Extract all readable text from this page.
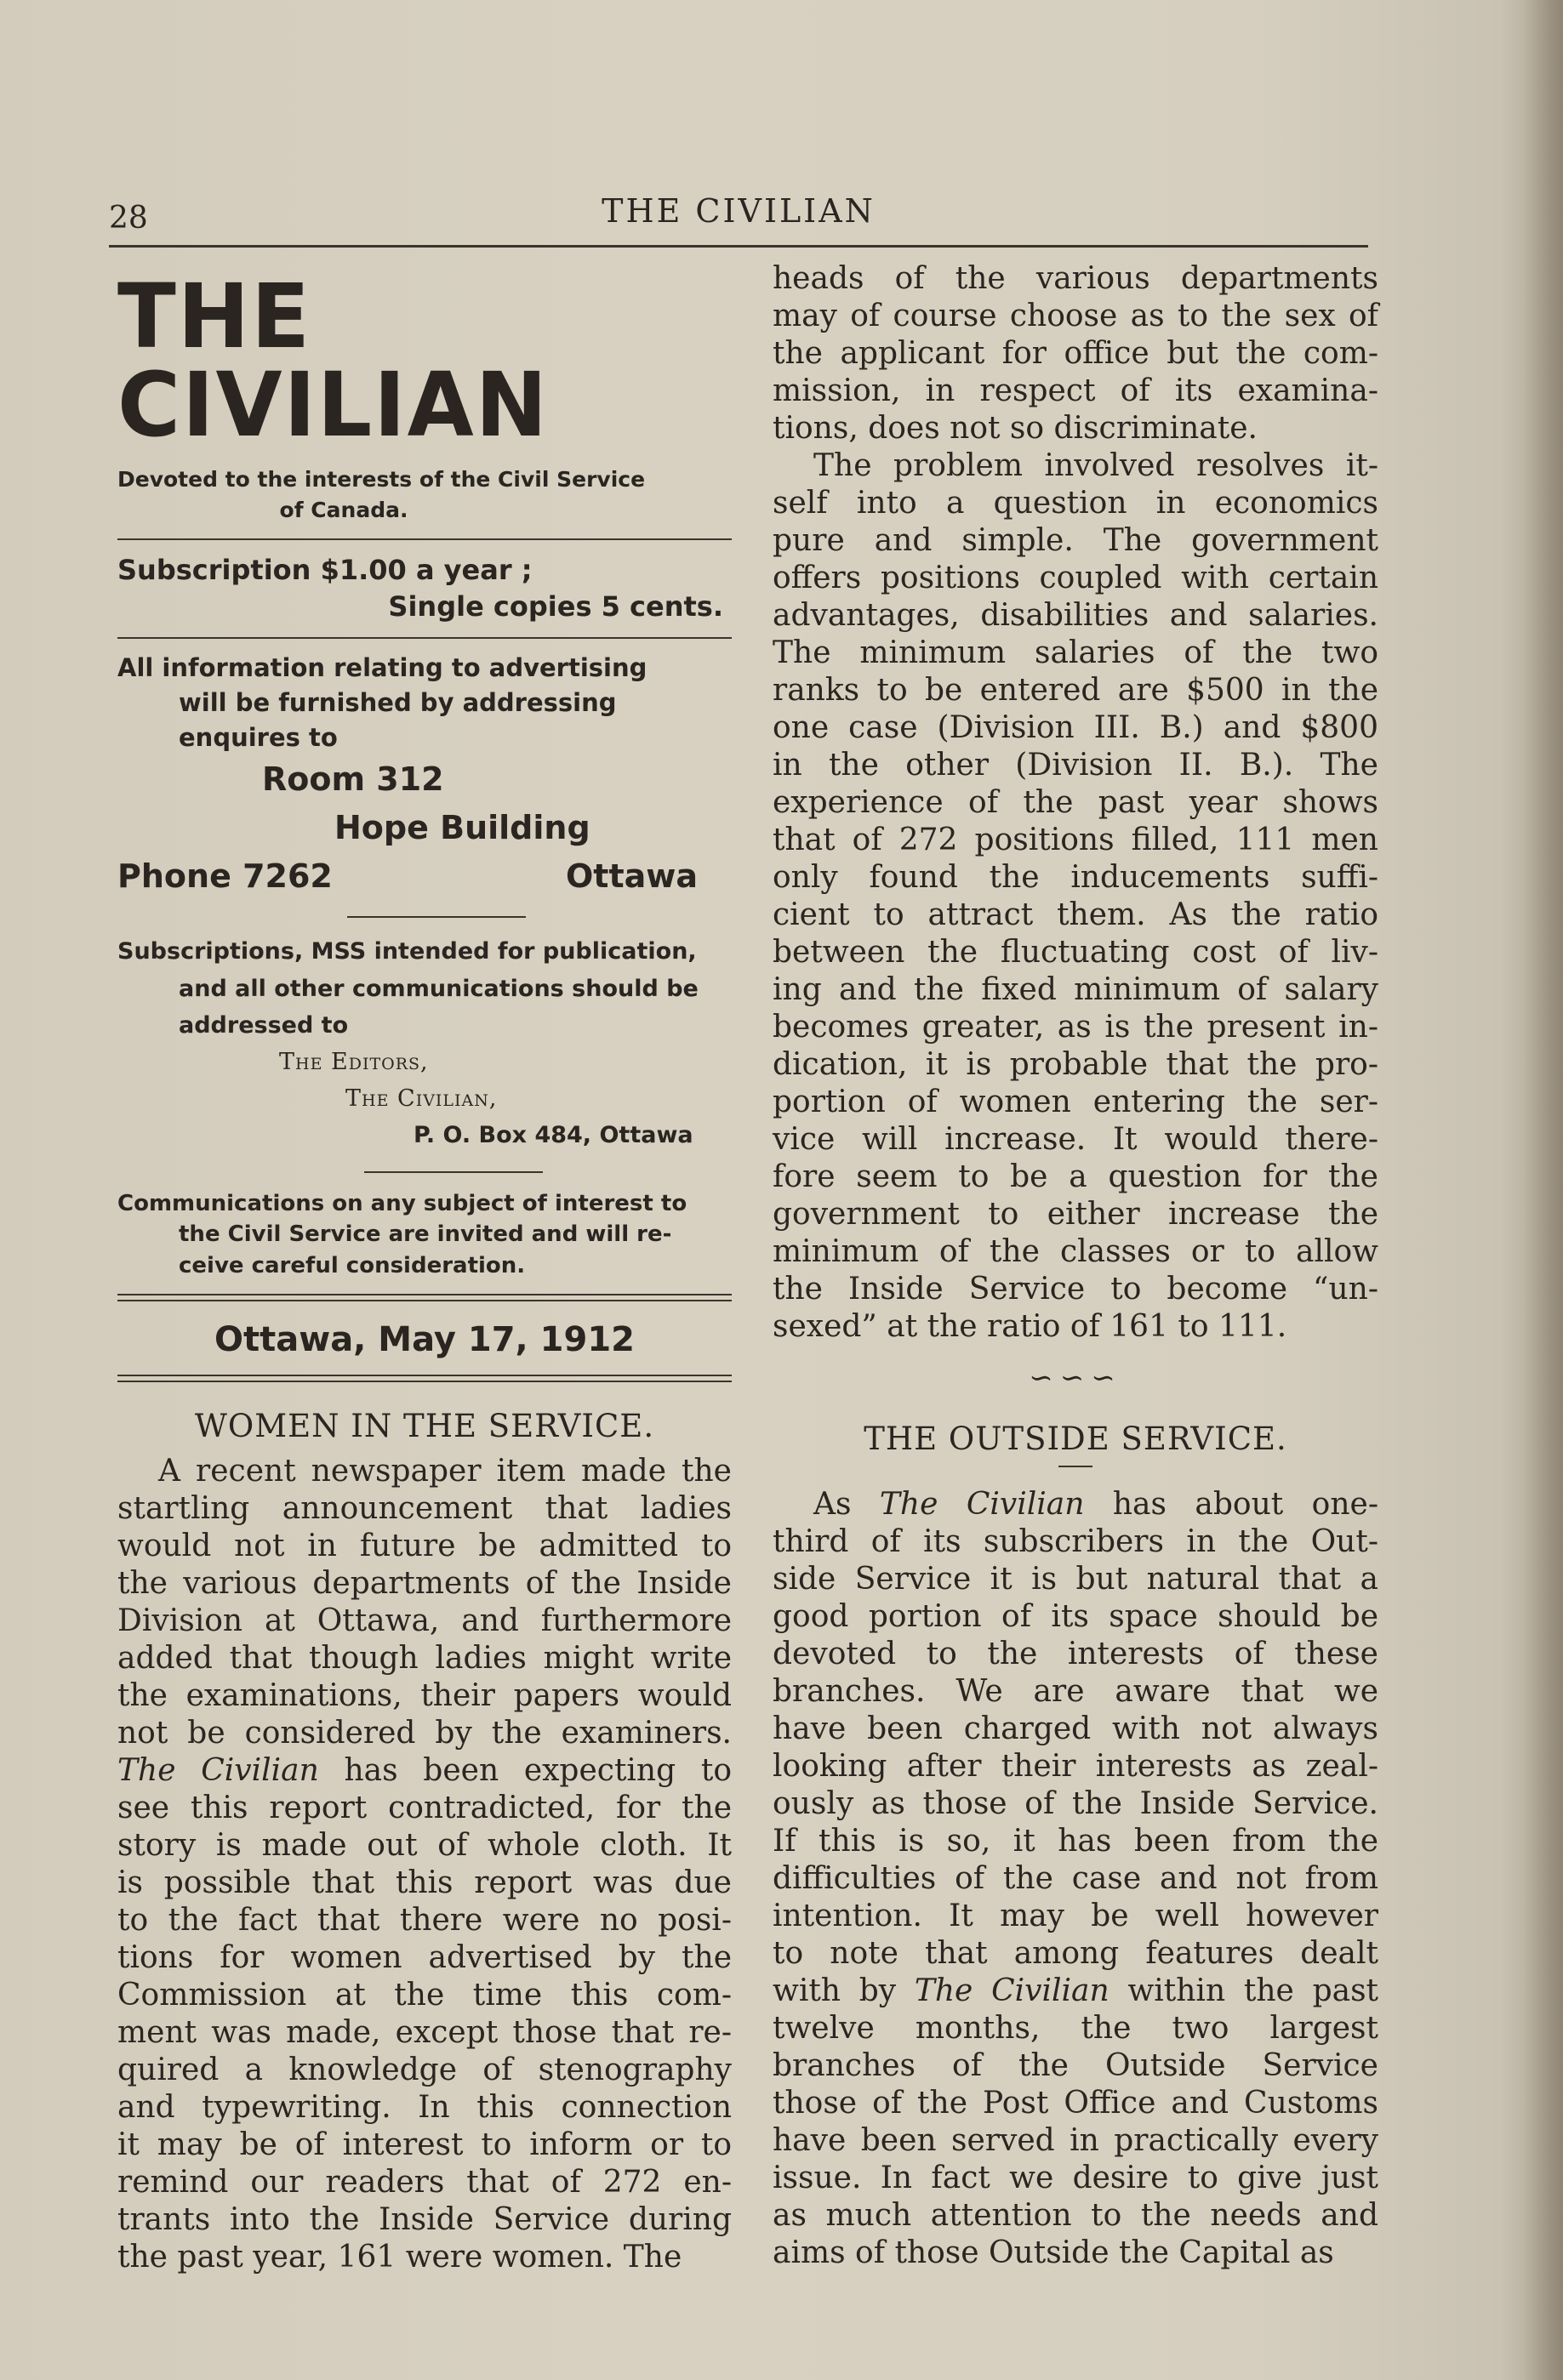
28	THE CIVILIAN
THE CIVILIAN
Devoted to the interests of the Civil Service
of Canada.
Subscription $1.00 a year ;
Single copies 5 cents.
All information relating to advertising
will be furnished by addressing
enquires to
Room 312
Hope Building
Phone 7262	Ottawa
Subscriptions, MSS intended for publication,
and all other communications should be
addressed to
The Editors,
The Civilian,
P. O. Box 484, Ottawa
Communications on any subject of interest to
the Civil Service are invited and will re-
ceive careful consideration.
Ottawa, May 17, 1912
WOMEN IN THE SERVICE.
A recent newspaper item made the
startling announcement that ladies
would not in future be admitted to
the various departments of the Inside
Division at Ottawa, and furthermore
added that though ladies might write
the examinations, their papers would
not be considered by the examiners.
The Civilian has been expecting to
see this report contradicted, for the
story is made out of whole cloth. It
is possible that this report was due
to the fact that there were no posi-
tions for women advertised by the
Commission at the time this com-
ment was made, except those that re-
quired a knowledge of stenography
and typewriting. In this connection
it may be of interest to inform or to
remind our readers that of 272 en-
trants into the Inside Service during
the past year, 161 were women. The
heads of the various departments
may of course choose as to the sex of
the applicant for office but the com-
mission, in respect of its examina-
tions, does not so discriminate.
The problem involved resolves it-
self into a question in economics
pure and simple. The government
offers positions coupled with certain
advantages, disabilities and salaries.
The minimum salaries of the two
ranks to be entered are $500 in the
one case (Division III. B.) and $800
in the other (Division II. B.). The
experience of the past year shows
that of 272 positions filled, 111 men
only found the inducements suffi-
cient to attract them. As the ratio
between the fluctuating cost of liv-
ing and the fixed minimum of salary
becomes greater, as is the present in-
dication, it is probable that the pro-
portion of women entering the ser-
vice will increase. It would there-
fore seem to be a question for the
government to either increase the
minimum of the classes or to allow
the Inside Service to become “un-
sexed” at the ratio of 161 to 111.
∽∽∽
THE OUTSIDE SERVICE.
As The Civilian has about one-
third of its subscribers in the Out-
side Service it is but natural that a
good portion of its space should be
devoted to the interests of these
branches. We are aware that we
have been charged with not always
looking after their interests as zeal-
ously as those of the Inside Service.
If this is so, it has been from the
difficulties of the case and not from
intention. It may be well however
to note that among features dealt
with by The Civilian within the past
twelve months, the two largest
branches of the Outside Service
those of the Post Office and Customs
have been served in practically every
issue. In fact we desire to give just
as much attention to the needs and
aims of those Outside the Capital as
